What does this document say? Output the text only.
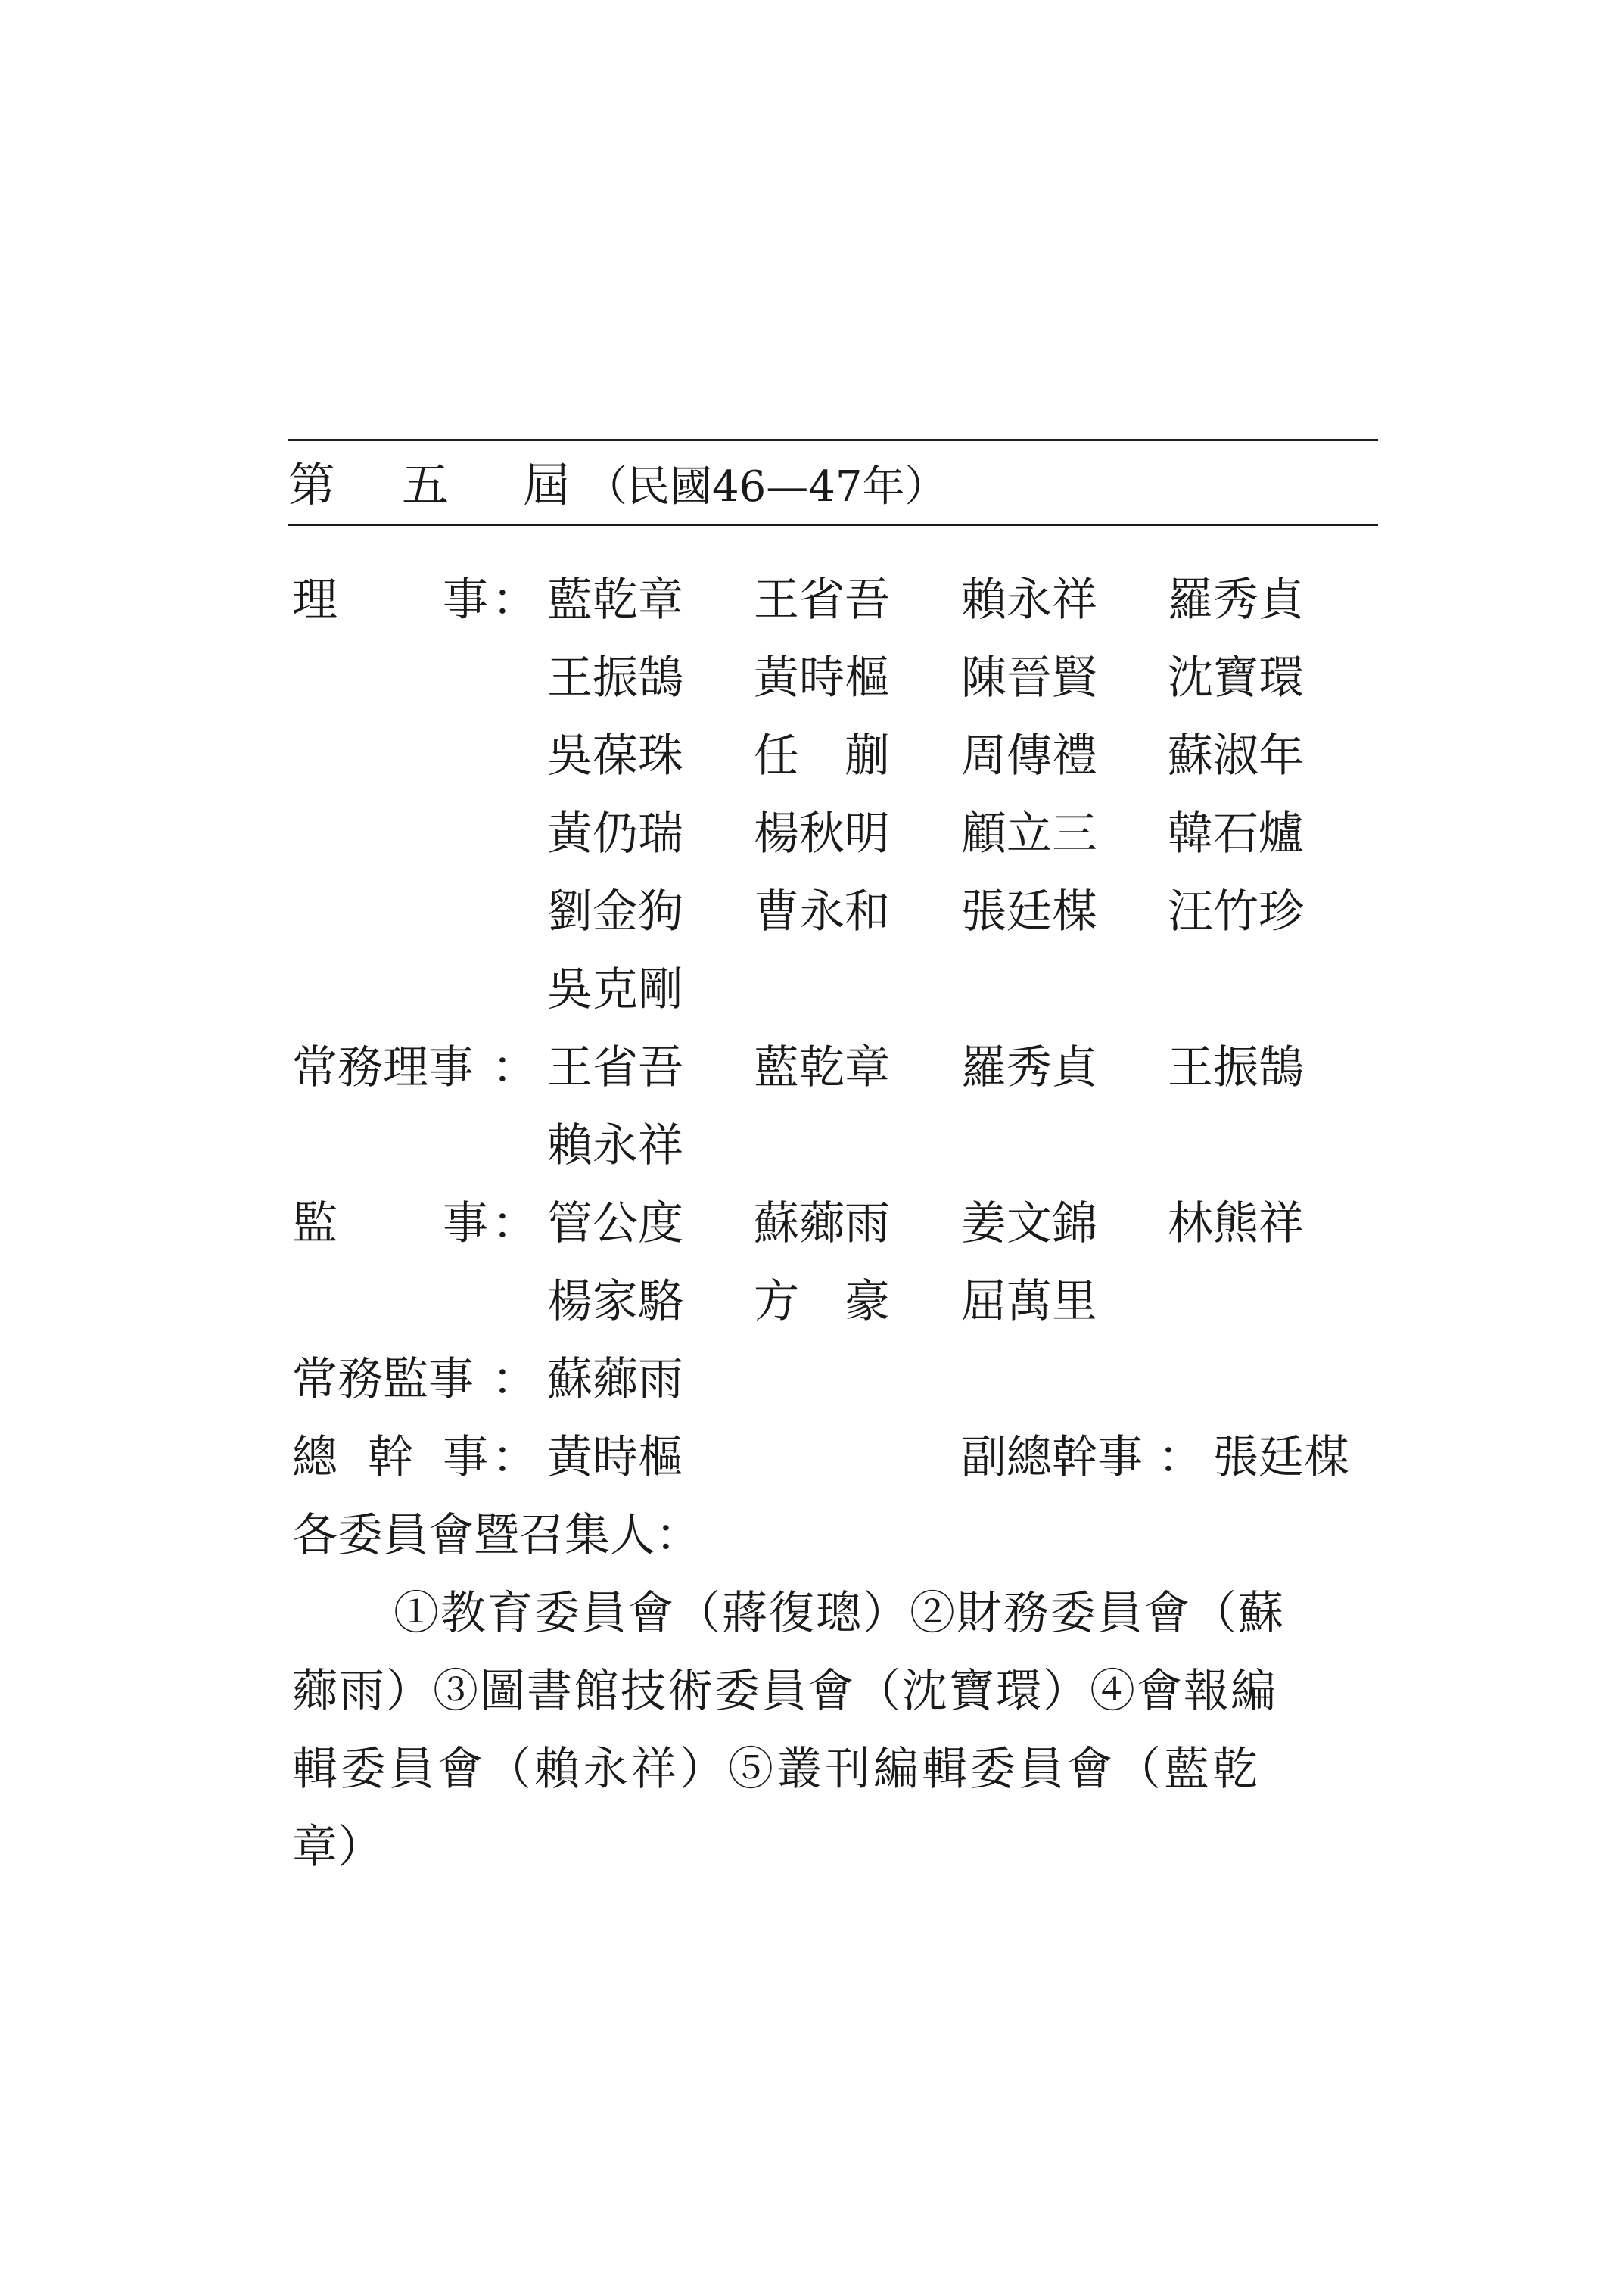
第 五 屆 （民國46—47年）
理 事 ： 藍乾章 王省吾 賴永祥 羅秀貞
王振鵠 黃時樞 陳晉賢 沈寶環
吳葆珠 任　蒯 周傳禮 蘇淑年
黃仍瑞 楊秋明 顧立三 韓石爐
劉金狗 曹永和 張廷楳 汪竹珍
吳克剛
常務理事 ： 王省吾 藍乾章 羅秀貞 王振鵠
賴永祥
監 事 ： 管公度 蘇薌雨 姜文錦 林熊祥
楊家駱 方　豪 屈萬里
常務監事 ： 蘇薌雨
總 幹 事 ： 黃時樞	副總幹事 ： 張廷楳
各委員會暨召集人：
①教育委員會（蔣復璁）②財務委員會（蘇
薌雨）③圖書館技術委員會（沈寶環）④會報編
輯委員會（賴永祥）⑤叢刊編輯委員會（藍乾
章）
